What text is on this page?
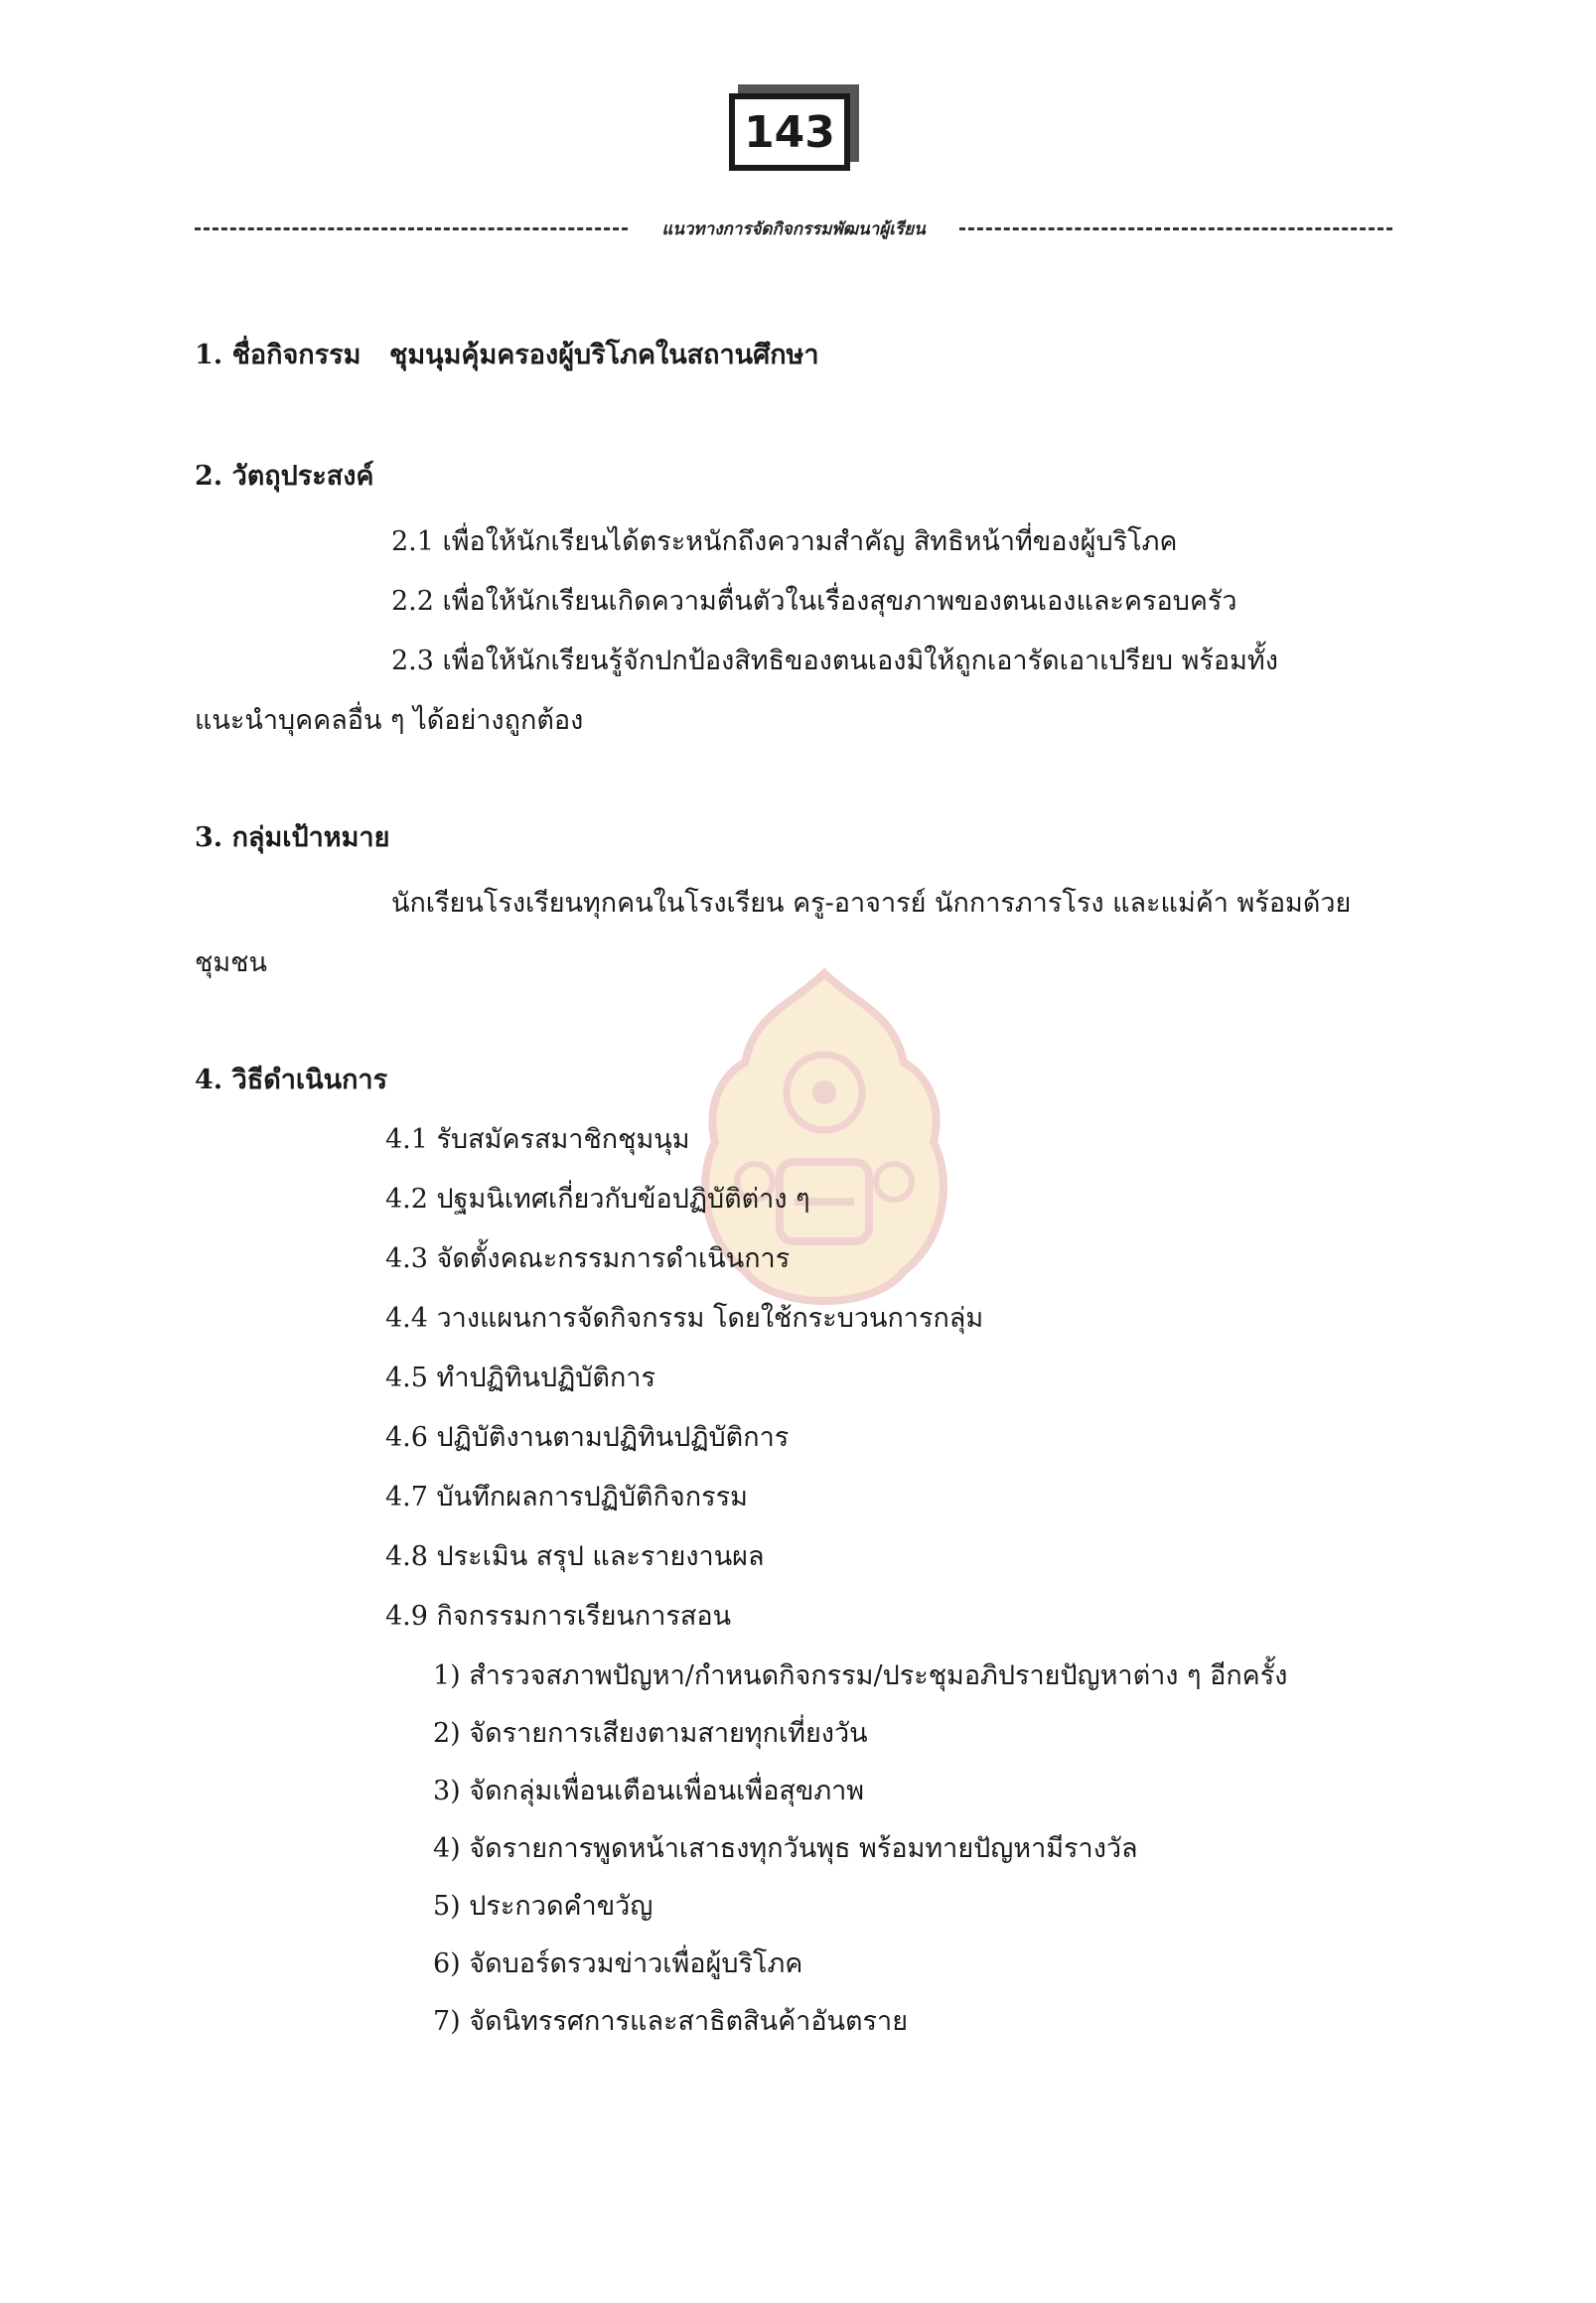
143
แนวทางการจัดกิจกรรมพัฒนาผู้เรียน
1. ชื่อกิจกรรม ชุมนุมคุ้มครองผู้บริโภคในสถานศึกษา
2. วัตถุประสงค์
2.1 เพื่อให้นักเรียนได้ตระหนักถึงความสำคัญ สิทธิหน้าที่ของผู้บริโภค
2.2 เพื่อให้นักเรียนเกิดความตื่นตัวในเรื่องสุขภาพของตนเองและครอบครัว
2.3 เพื่อให้นักเรียนรู้จักปกป้องสิทธิของตนเองมิให้ถูกเอารัดเอาเปรียบ พร้อมทั้ง
แนะนำบุคคลอื่น ๆ ได้อย่างถูกต้อง
3. กลุ่มเป้าหมาย
นักเรียนโรงเรียนทุกคนในโรงเรียน ครู-อาจารย์ นักการภารโรง และแม่ค้า พร้อมด้วย
ชุมชน
4. วิธีดำเนินการ
4.1 รับสมัครสมาชิกชุมนุม
4.2 ปฐมนิเทศเกี่ยวกับข้อปฏิบัติต่าง ๆ
4.3 จัดตั้งคณะกรรมการดำเนินการ
4.4 วางแผนการจัดกิจกรรม โดยใช้กระบวนการกลุ่ม
4.5 ทำปฏิทินปฏิบัติการ
4.6 ปฏิบัติงานตามปฏิทินปฏิบัติการ
4.7 บันทึกผลการปฏิบัติกิจกรรม
4.8 ประเมิน สรุป และรายงานผล
4.9 กิจกรรมการเรียนการสอน
1) สำรวจสภาพปัญหา/กำหนดกิจกรรม/ประชุมอภิปรายปัญหาต่าง ๆ อีกครั้ง
2) จัดรายการเสียงตามสายทุกเที่ยงวัน
3) จัดกลุ่มเพื่อนเตือนเพื่อนเพื่อสุขภาพ
4) จัดรายการพูดหน้าเสาธงทุกวันพุธ พร้อมทายปัญหามีรางวัล
5) ประกวดคำขวัญ
6) จัดบอร์ดรวมข่าวเพื่อผู้บริโภค
7) จัดนิทรรศการและสาธิตสินค้าอันตราย
